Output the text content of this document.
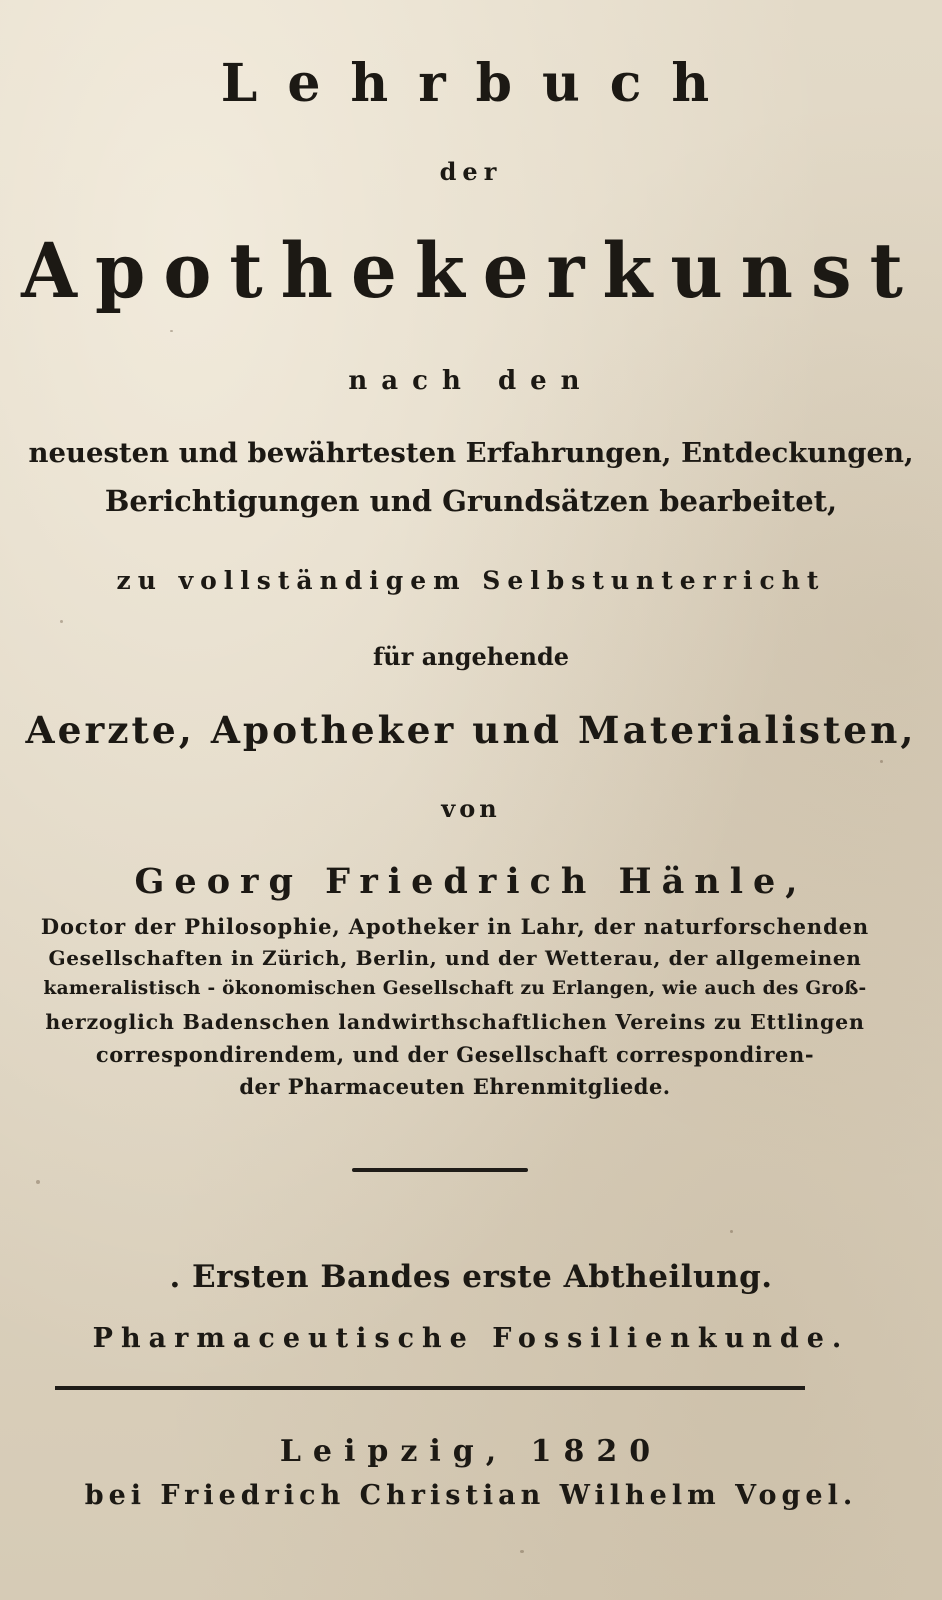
Lehrbuch
der
Apothekerkunst
nach den
neuesten und bewährtesten Erfahrungen, Entdeckungen,
Berichtigungen und Grundsätzen bearbeitet,
zu vollständigem Selbstunterricht
für angehende
Aerzte, Apotheker und Materialisten,
von
Georg Friedrich Hänle,
Doctor der Philosophie, Apotheker in Lahr, der naturforschenden
Gesellschaften in Zürich, Berlin, und der Wetterau, der allgemeinen
kameralistisch - ökonomischen Gesellschaft zu Erlangen, wie auch des Groß-
herzoglich Badenschen landwirthschaftlichen Vereins zu Ettlingen
correspondirendem, und der Gesellschaft correspondiren-
der Pharmaceuten Ehrenmitgliede.
. Ersten Bandes erste Abtheilung.
Pharmaceutische Fossilienkunde.
Leipzig, 1820
bei Friedrich Christian Wilhelm Vogel.
